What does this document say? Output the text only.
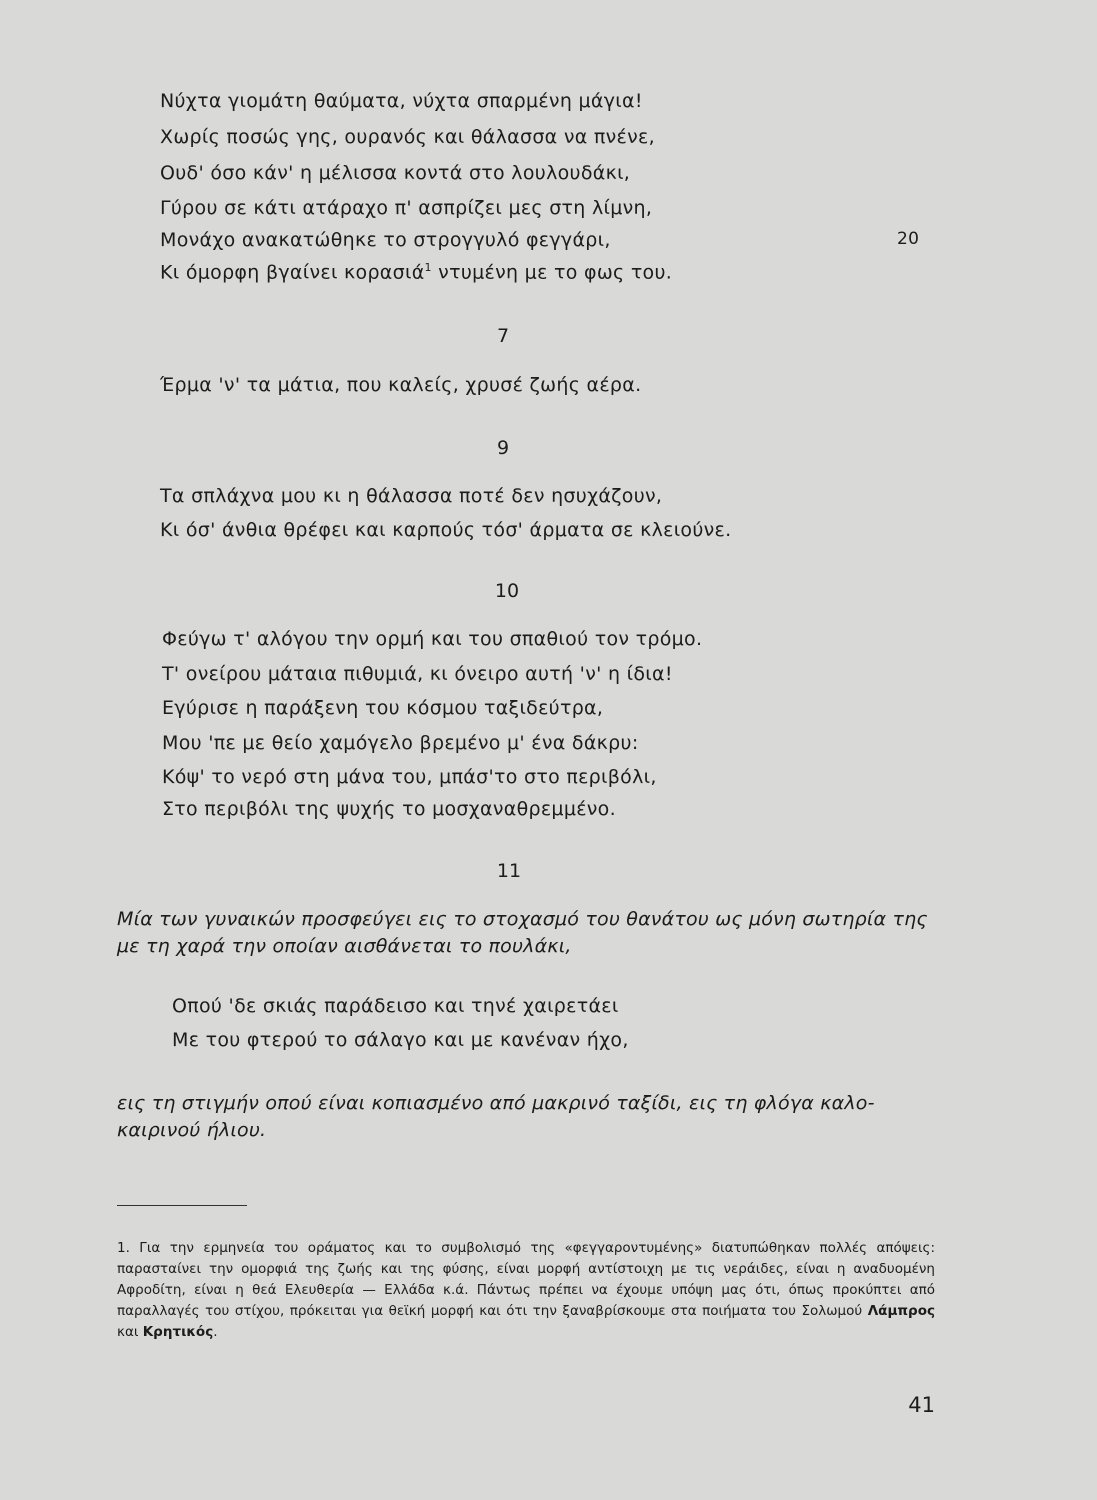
Νύχτα γιομάτη θαύματα, νύχτα σπαρμένη μάγια!
Χωρίς ποσώς γης, ουρανός και θάλασσα να πνένε,
Ουδ' όσο κάν' η μέλισσα κοντά στο λουλουδάκι,
Γύρου σε κάτι ατάραχο π' ασπρίζει μες στη λίμνη,
Μονάχο ανακατώθηκε το στρογγυλό φεγγάρι,
Κι όμορφη βγαίνει κορασιά$^1$ ντυμένη με το φως του.
20
7
Έρμα 'ν' τα μάτια, που καλείς, χρυσέ ζωής αέρα.
9
Τα σπλάχνα μου κι η θάλασσα ποτέ δεν ησυχάζουν,
Κι όσ' άνθια θρέφει και καρπούς τόσ' άρματα σε κλειούνε.
10
Φεύγω τ' αλόγου την ορμή και του σπαθιού τον τρόμο.
Τ' ονείρου μάταια πιθυμιά, κι όνειρο αυτή 'ν' η ίδια!
Εγύρισε η παράξενη του κόσμου ταξιδεύτρα,
Μου 'πε με θείο χαμόγελο βρεμένο μ' ένα δάκρυ:
Κόψ' το νερό στη μάνα του, μπάσ'το στο περιβόλι,
Στο περιβόλι της ψυχής το μοσχαναθρεμμένο.
11
Μία των γυναικών προσφεύγει εις το στοχασμό του θανάτου ως μόνη σωτηρία της με τη χαρά την οποίαν αισθάνεται το πουλάκι,
Οπού 'δε σκιάς παράδεισο και τηνέ χαιρετάει
Με του φτερού το σάλαγο και με κανέναν ήχο,
εις τη στιγμήν οπού είναι κοπιασμένο από μακρινό ταξίδι, εις τη φλόγα καλο-καιρινού ήλιου.
1. Για την ερμηνεία του οράματος και το συμβολισμό της «φεγγαροντυμένης» διατυπώθηκαν πολλές απόψεις: παρασταίνει την ομορφιά της ζωής και της φύσης, είναι μορφή αντίστοιχη με τις νεράιδες, είναι η αναδυομένη Αφροδίτη, είναι η θεά Ελευθερία — Ελλάδα κ.ά. Πάντως πρέπει να έχουμε υπόψη μας ότι, όπως προκύπτει από παραλλαγές του στίχου, πρόκειται για θεϊκή μορφή και ότι την ξαναβρίσκουμε στα ποιήματα του Σολωμού Λάμπρος και Κρητικός.
41
